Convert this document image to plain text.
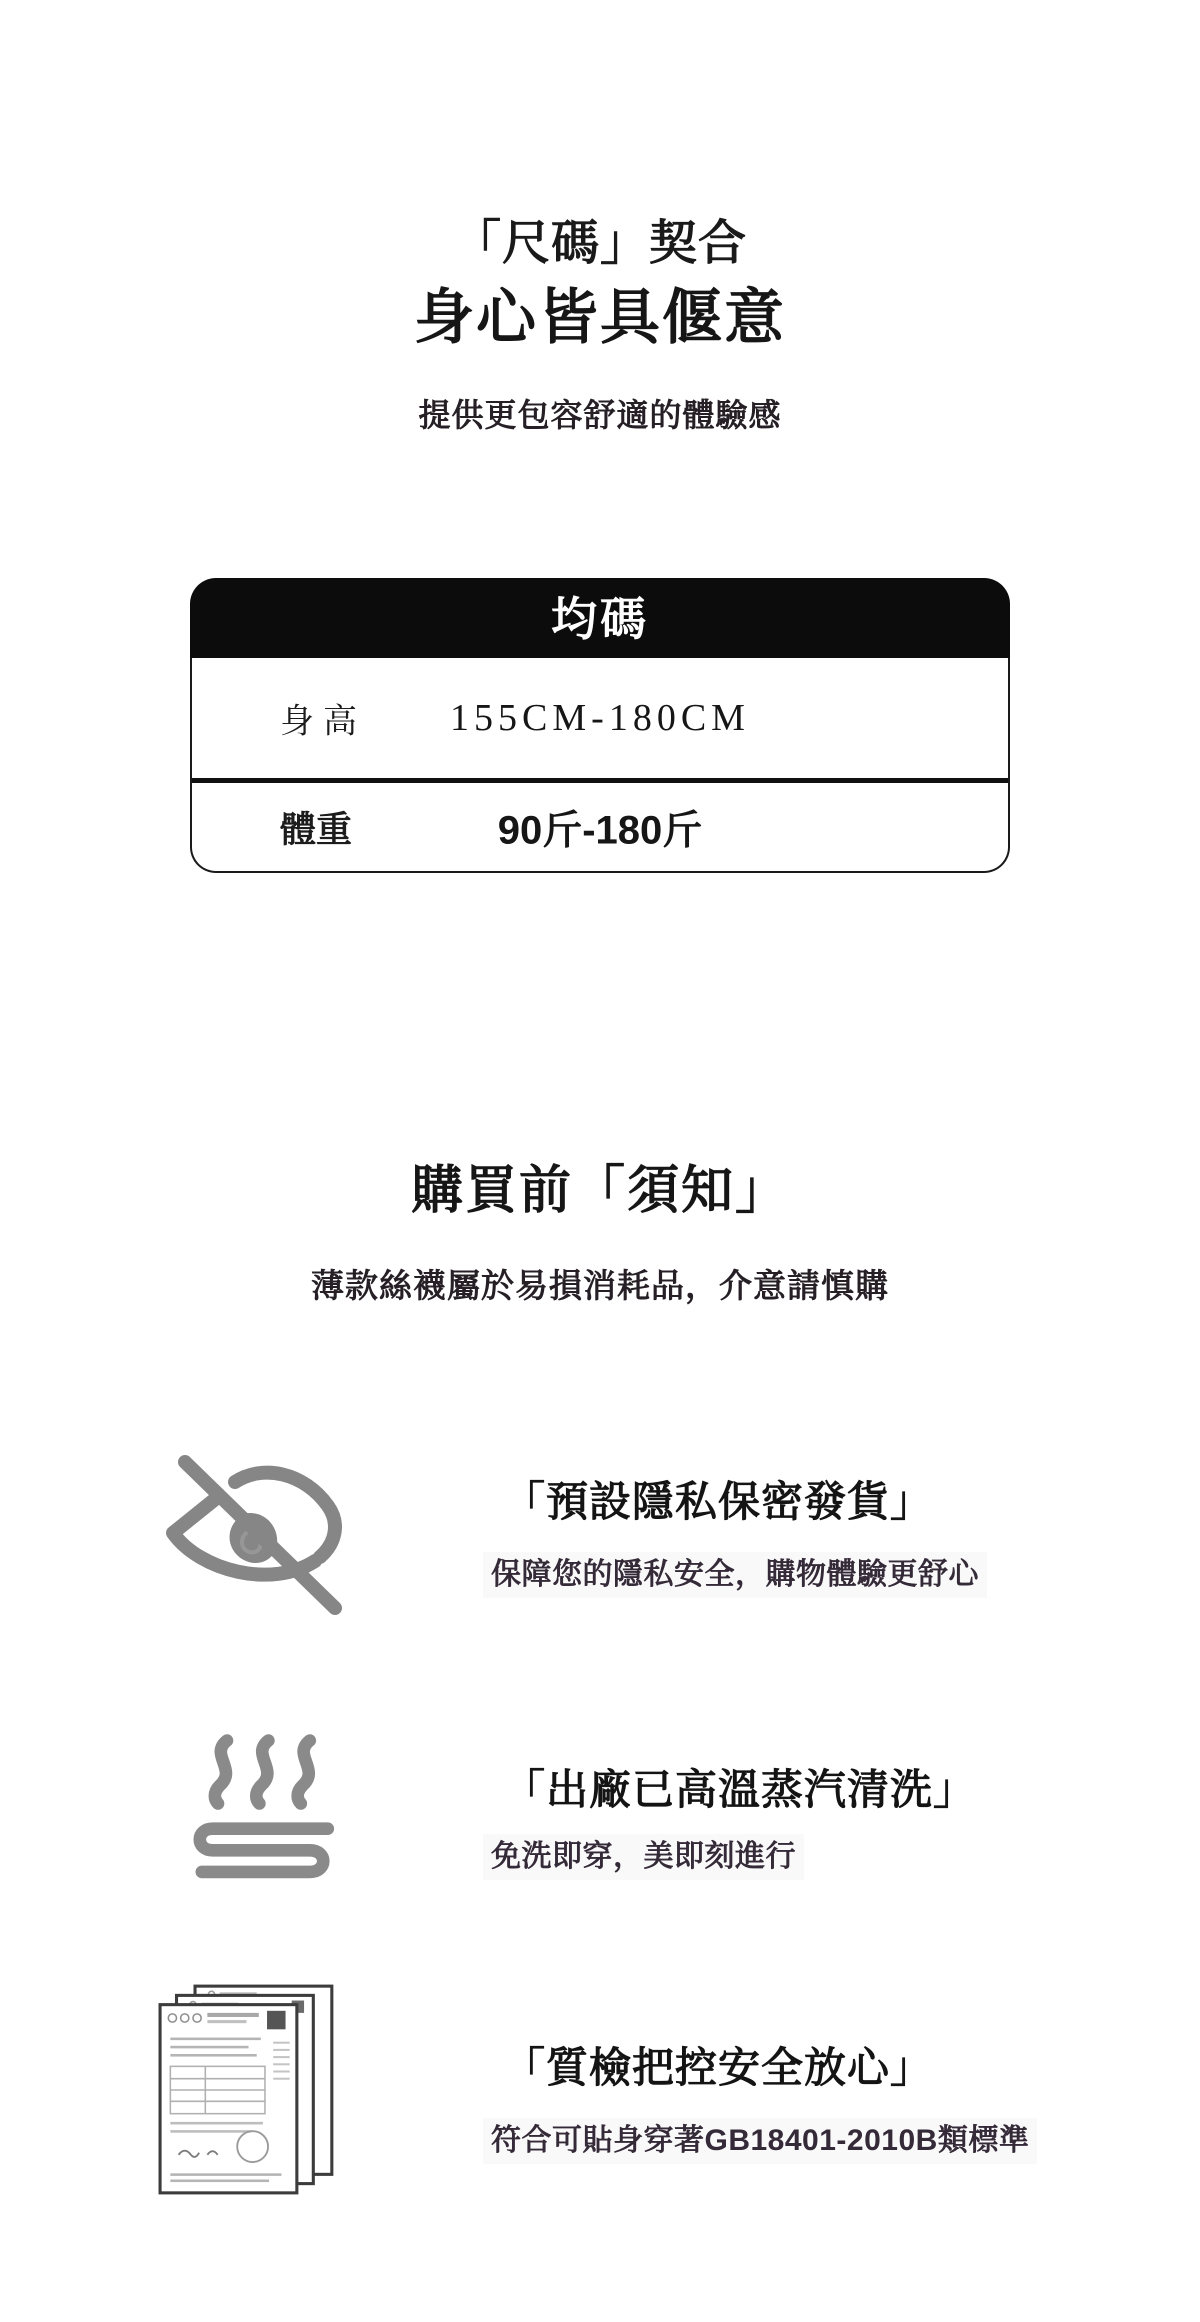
「尺碼」契合
身心皆具偃意
提供更包容舒適的體驗感
均碼
身高	155CM-180CM
體重	90斤-180斤
購買前「須知」
薄款絲襪屬於易損消耗品，介意請慎購
「預設隱私保密發貨」
保障您的隱私安全，購物體驗更舒心
「出廠已高溫蒸汽清洗」
免洗即穿，美即刻進行
「質檢把控安全放心」
符合可貼身穿著GB18401-2010B類標準
